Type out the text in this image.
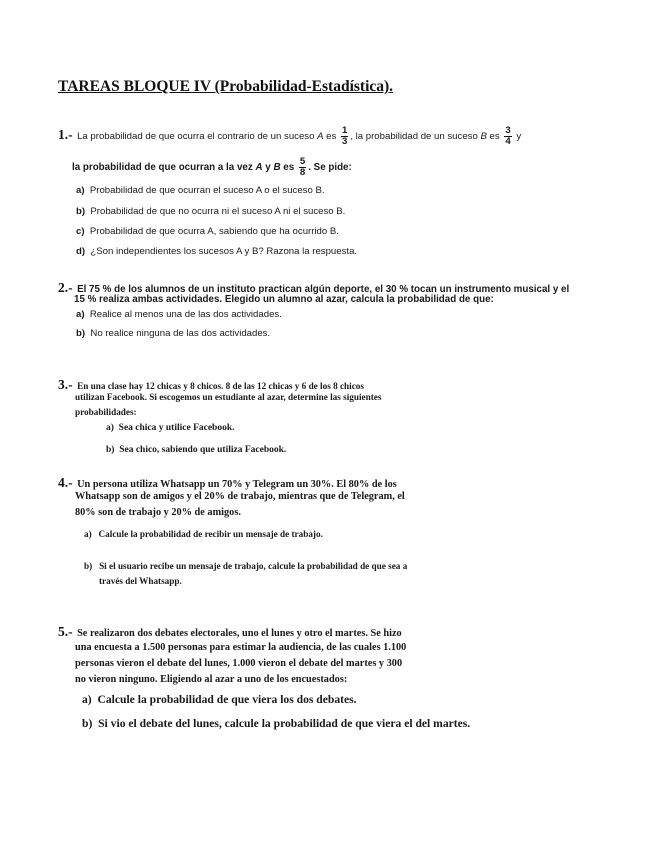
TAREAS BLOQUE IV (Probabilidad-Estadística).
1.- La probabilidad de que ocurra el contrario de un suceso A es $\frac{1}{3}$ , la probabilidad de un suceso B es $\frac{3}{4}$ y
la probabilidad de que ocurran a la vez A y B es $\frac{5}{8}$ . Se pide:
a) Probabilidad de que ocurran el suceso A o el suceso B.
b) Probabilidad de que no ocurra ni el suceso A ni el suceso B.
c) Probabilidad de que ocurra A, sabiendo que ha ocurrido B.
d) ¿Son independientes los sucesos A y B? Razona la respuesta.
2.- El 75 % de los alumnos de un instituto practican algún deporte, el 30 % tocan un instrumento musical y el
15 % realiza ambas actividades. Elegido un alumno al azar, calcula la probabilidad de que:
a) Realice al menos una de las dos actividades.
b) No realice ninguna de las dos actividades.
3.- En una clase hay 12 chicas y 8 chicos. 8 de las 12 chicas y 6 de los 8 chicos
utilizan Facebook. Si escogemos un estudiante al azar, determine las siguientes
probabilidades:
a) Sea chica y utilice Facebook.
b) Sea chico, sabiendo que utiliza Facebook.
4.- Un persona utiliza Whatsapp un 70% y Telegram un 30%. El 80% de los
Whatsapp son de amigos y el 20% de trabajo, mientras que de Telegram, el
80% son de trabajo y 20% de amigos.
a) Calcule la probabilidad de recibir un mensaje de trabajo.
b) Si el usuario recibe un mensaje de trabajo, calcule la probabilidad de que sea a
través del Whatsapp.
5.- Se realizaron dos debates electorales, uno el lunes y otro el martes. Se hizo
una encuesta a 1.500 personas para estimar la audiencia, de las cuales 1.100
personas vieron el debate del lunes, 1.000 vieron el debate del martes y 300
no vieron ninguno. Eligiendo al azar a uno de los encuestados:
a) Calcule la probabilidad de que viera los dos debates.
b) Si vio el debate del lunes, calcule la probabilidad de que viera el del martes.
